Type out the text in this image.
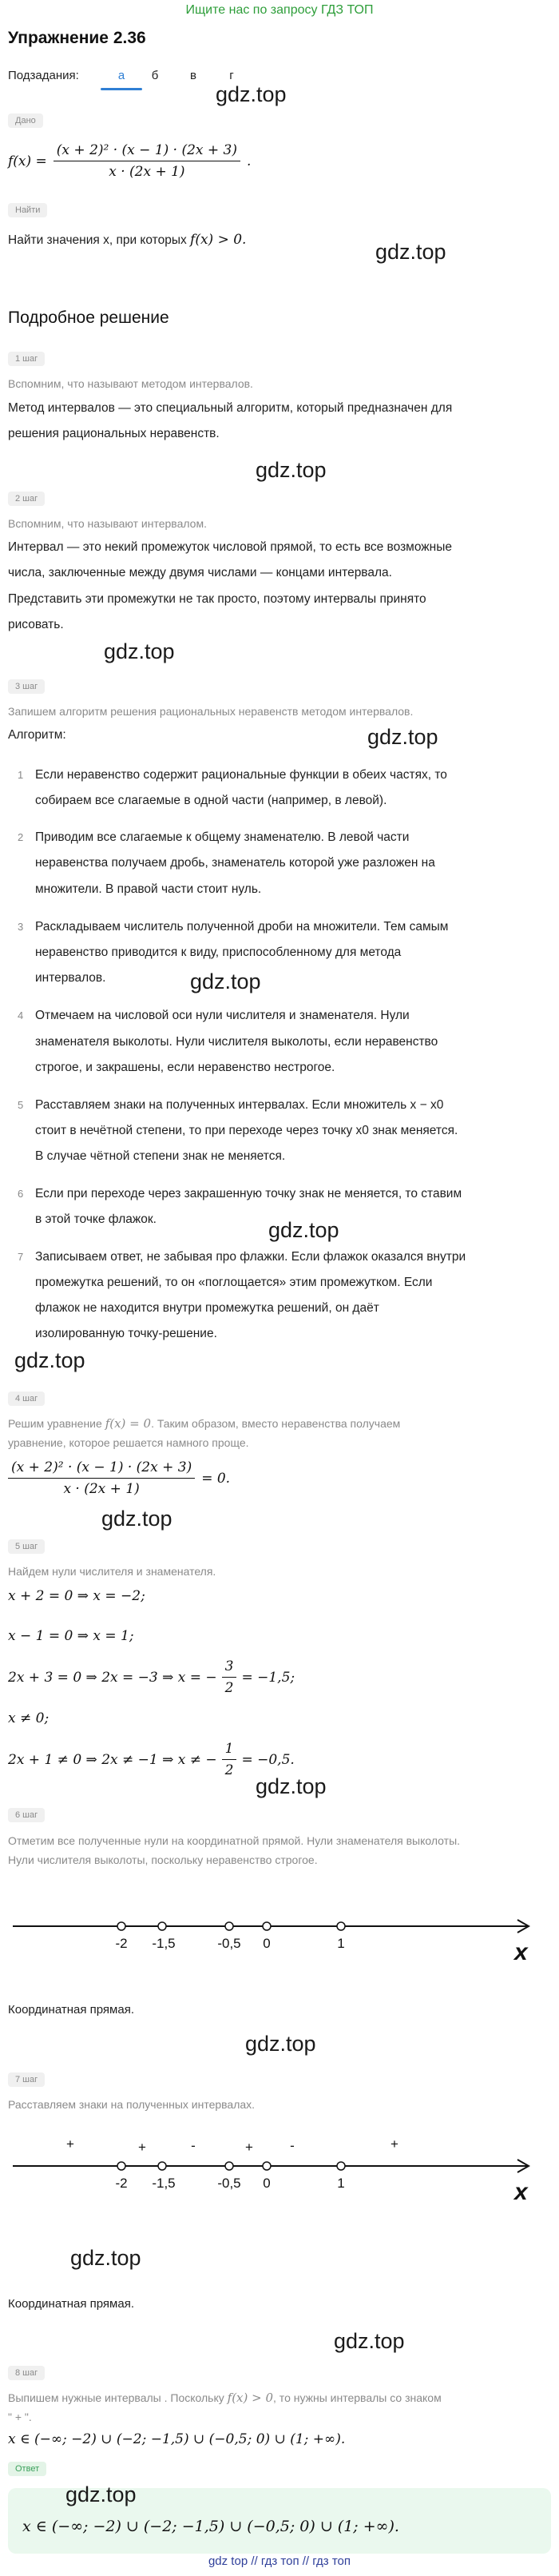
Ищите нас по запросу ГДЗ ТОП
Упражнение 2.36
Подзадания:	а	б	в	г
gdz.top
Дано
$f(x) = \frac{\text{(x + 2)² · (x − 1) · (2x + 3)}}{x \cdot (2x + 1)}$ .
Найти
Найти значения x, при которых f(x) > 0.	gdz.top
Подробное решение
1 шаг
Вспомним, что называют методом интервалов.
Метод интервалов — это специальный алгоритм, который предназначен для
решения рациональных неравенств.
gdz.top
2 шаг
Вспомним, что называют интервалом.
Интервал — это некий промежуток числовой прямой, то есть все возможные
числа, заключенные между двумя числами — концами интервала.
Представить эти промежутки не так просто, поэтому интервалы принято
рисовать.
gdz.top
3 шаг
Запишем алгоритм решения рациональных неравенств методом интервалов.
Алгоритм:	gdz.top
1 Если неравенство содержит рациональные функции в обеих частях, то
собираем все слагаемые в одной части (например, в левой).
2 Приводим все слагаемые к общему знаменателю. В левой части
неравенства получаем дробь, знаменатель которой уже разложен на
множители. В правой части стоит нуль.
3 Раскладываем числитель полученной дроби на множители. Тем самым
неравенство приводится к виду, приспособленному для метода
интервалов.	gdz.top
4 Отмечаем на числовой оси нули числителя и знаменателя. Нули
знаменателя выколоты. Нули числителя выколоты, если неравенство
строгое, и закрашены, если неравенство нестрогое.
5 Расставляем знаки на полученных интервалах. Если множитель x − x0
стоит в нечётной степени, то при переходе через точку x0 знак меняется.
В случае чётной степени знак не меняется.
6 Если при переходе через закрашенную точку знак не меняется, то ставим
в этой точке флажок.	gdz.top
7 Записываем ответ, не забывая про флажки. Если флажок оказался внутри
промежутка решений, то он «поглощается» этим промежутком. Если
флажок не находится внутри промежутка решений, он даёт
изолированную точку-решение.
gdz.top
4 шаг
Решим уравнение f(x) = 0. Таким образом, вместо неравенства получаем
уравнение, которое решается намного проще.
$\frac{\text{(x + 2)² · (x − 1) · (2x + 3)}}{x \cdot (2x + 1)} = 0$.
gdz.top
5 шаг
Найдем нули числителя и знаменателя.
x + 2 = 0 ⇒ x = −2;
x − 1 = 0 ⇒ x = 1;
2x + 3 = 0 ⇒ 2x = −3 ⇒ x = − $\frac{3}{2} = -1,5$;
x ≠ 0;
2x + 1 ≠ 0 ⇒ 2x ≠ −1 ⇒ x ≠ − $\frac{1}{2} = -0,5$.
gdz.top
6 шаг
Отметим все полученные нули на координатной прямой. Нули знаменателя выколоты.
Нули числителя выколоты, поскольку неравенство строгое.
x
-2 -1,5	-0,5 0	1
Координатная прямая.
gdz.top
7 шаг
Расставляем знаки на полученных интервалах.
+	+	-	+	-	+
x
-2 -1,5	-0,5 0	1
gdz.top
Координатная прямая.
gdz.top
8 шаг
Выпишем нужные интервалы . Поскольку f(x) > 0, то нужны интервалы со знаком
" + ".
x ∈ (−∞; −2) ∪ (−2; −1,5) ∪ (−0,5; 0) ∪ (1; +∞).
Ответ
gdz.top
x ∈ (−∞; −2) ∪ (−2; −1,5) ∪ (−0,5; 0) ∪ (1; +∞).
gdz top // гдз топ // гдз топ
